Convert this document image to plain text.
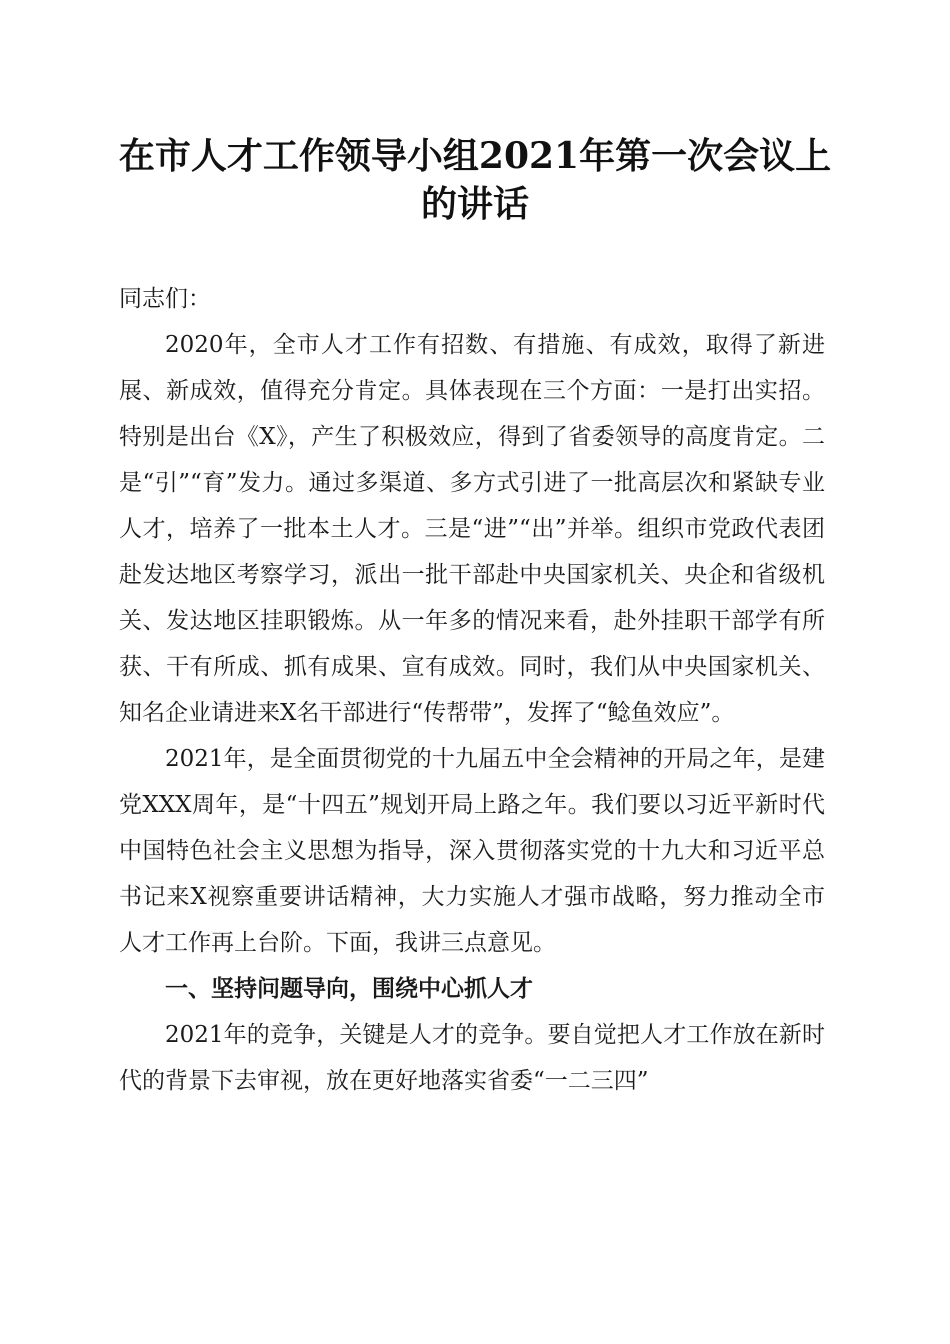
在市人才工作领导小组2021年第一次会议上的讲话

同志们：

2020年，全市人才工作有招数、有措施、有成效，取得了新进展、新成效，值得充分肯定。具体表现在三个方面：一是打出实招。特别是出台《X》，产生了积极效应，得到了省委领导的高度肯定。二是“引”“育”发力。通过多渠道、多方式引进了一批高层次和紧缺专业人才，培养了一批本土人才。三是“进”“出”并举。组织市党政代表团赴发达地区考察学习，派出一批干部赴中央国家机关、央企和省级机关、发达地区挂职锻炼。从一年多的情况来看，赴外挂职干部学有所获、干有所成、抓有成果、宣有成效。同时，我们从中央国家机关、知名企业请进来X名干部进行“传帮带”，发挥了“鲶鱼效应”。

2021年，是全面贯彻党的十九届五中全会精神的开局之年，是建党XXX周年，是“十四五”规划开局上路之年。我们要以习近平新时代中国特色社会主义思想为指导，深入贯彻落实党的十九大和习近平总书记来X视察重要讲话精神，大力实施人才强市战略，努力推动全市人才工作再上台阶。下面，我讲三点意见。

一、坚持问题导向，围绕中心抓人才

2021年的竞争，关键是人才的竞争。要自觉把人才工作放在新时代的背景下去审视，放在更好地落实省委“一二三四”
